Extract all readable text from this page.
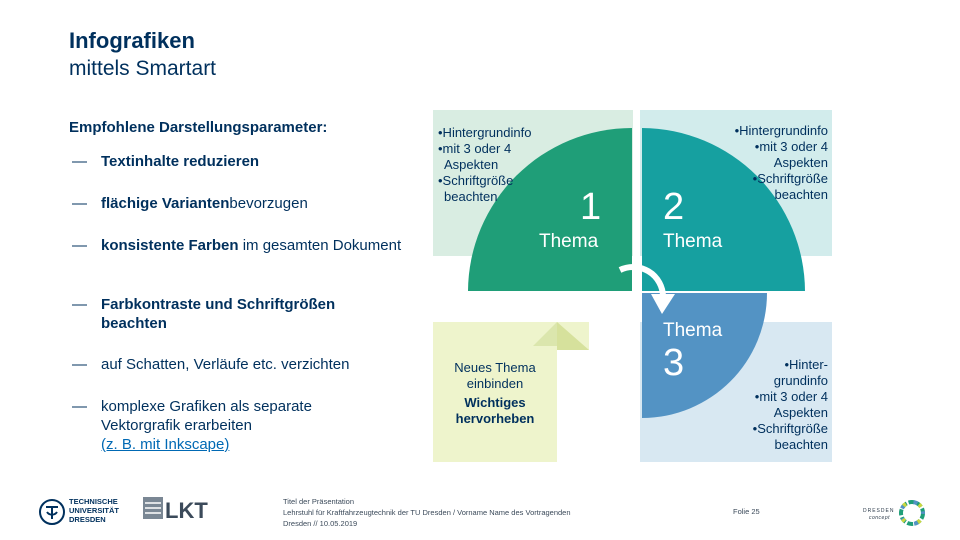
Infografiken
mittels Smartart
Empfohlene Darstellungsparameter:
— Textinhalte reduzieren
— flächige Variantenbevorzugen
— konsistente Farben im gesamten Dokument
— Farbkontraste und Schriftgrößen beachten
— auf Schatten, Verläufe etc. verzichten
— komplexe Grafiken als separate Vektorgrafik erarbeiten
(z. B. mit Inkscape)
•Hintergrundinfo
•mit 3 oder 4
Aspekten
•Schriftgröße
beachten
•Hintergrundinfo
•mit 3 oder 4
Aspekten
•Schriftgröße
beachten
•Hinter-
grundinfo
•mit 3 oder 4
Aspekten
•Schriftgröße
beachten
Neues Thema
einbinden
Wichtiges
hervorheben
1
Thema
2
Thema
Thema
3
TECHNISCHE
UNIVERSITÄT
DRESDEN	LKT	Titel der Präsentation
Lehrstuhl für Kraftfahrzeugtechnik der TU Dresden / Vorname Name des Vortragenden
Dresden // 10.05.2019
Folie 25	DRESDEN
concept
